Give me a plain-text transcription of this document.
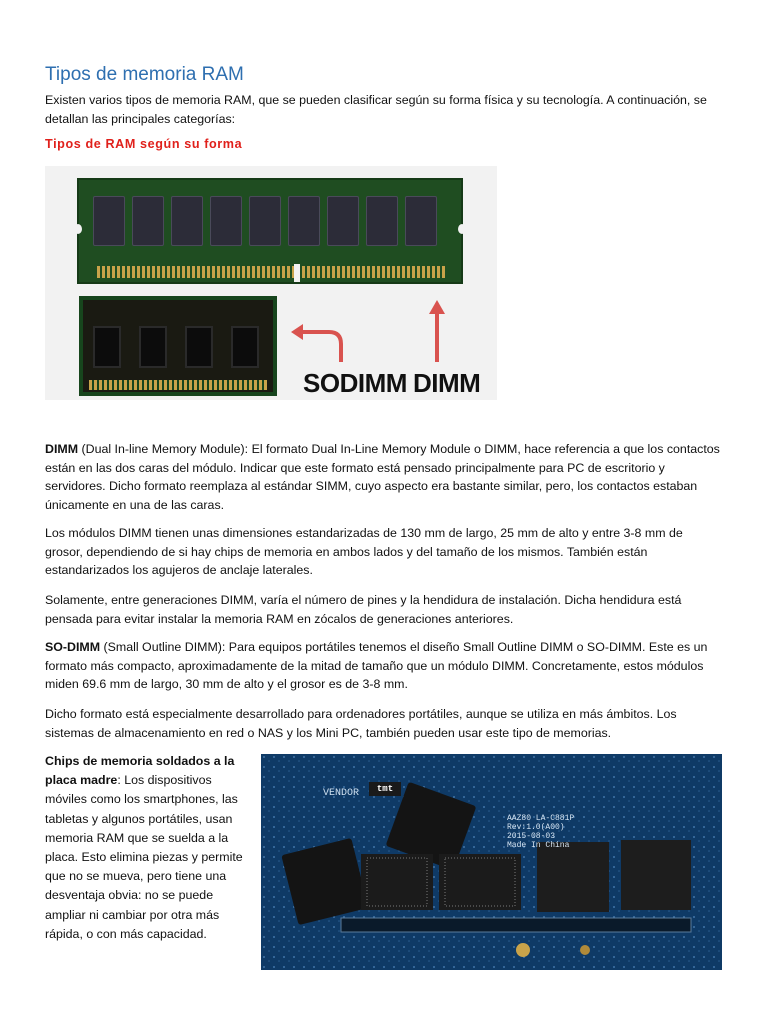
Tipos de memoria RAM

Existen varios tipos de memoria RAM, que se pueden clasificar según su forma física y su tecnología. A continuación, se detallan las principales categorías:

Tipos de RAM según su forma
SODIMM DIMM

DIMM (Dual In-line Memory Module): El formato Dual In-Line Memory Module o DIMM, hace referencia a que los contactos están en las dos caras del módulo. Indicar que este formato está pensado principalmente para PC de escritorio y servidores. Dicho formato reemplaza al estándar SIMM, cuyo aspecto era bastante similar, pero, los contactos estaban únicamente en una de las caras.

Los módulos DIMM tienen unas dimensiones estandarizadas de 130 mm de largo, 25 mm de alto y entre 3-8 mm de grosor, dependiendo de si hay chips de memoria en ambos lados y del tamaño de los mismos. También están estandarizados los agujeros de anclaje laterales.

Solamente, entre generaciones DIMM, varía el número de pines y la hendidura de instalación. Dicha hendidura está pensada para evitar instalar la memoria RAM en zócalos de generaciones anteriores.

SO-DIMM (Small Outline DIMM): Para equipos portátiles tenemos el diseño Small Outline DIMM o SO-DIMM. Este es un formato más compacto, aproximadamente de la mitad de tamaño que un módulo DIMM. Concretamente, estos módulos miden 69.6 mm de largo, 30 mm de alto y el grosor es de 3-8 mm.

Dicho formato está especialmente desarrollado para ordenadores portátiles, aunque se utiliza en más ámbitos. Los sistemas de almacenamiento en red o NAS y los Mini PC, también pueden usar este tipo de memorias.

Chips de memoria soldados a la placa madre: Los dispositivos móviles como los smartphones, las tabletas y algunos portátiles, usan memoria RAM que se suelda a la placa. Esto elimina piezas y permite que no se mueva, pero tiene una desventaja obvia: no se puede ampliar ni cambiar por otra más rápida, o con más capacidad.

VENDOR	tmt
AAZ80 LA-C881P
Rev:1.0(A00)
2015-08-03
Made In China
